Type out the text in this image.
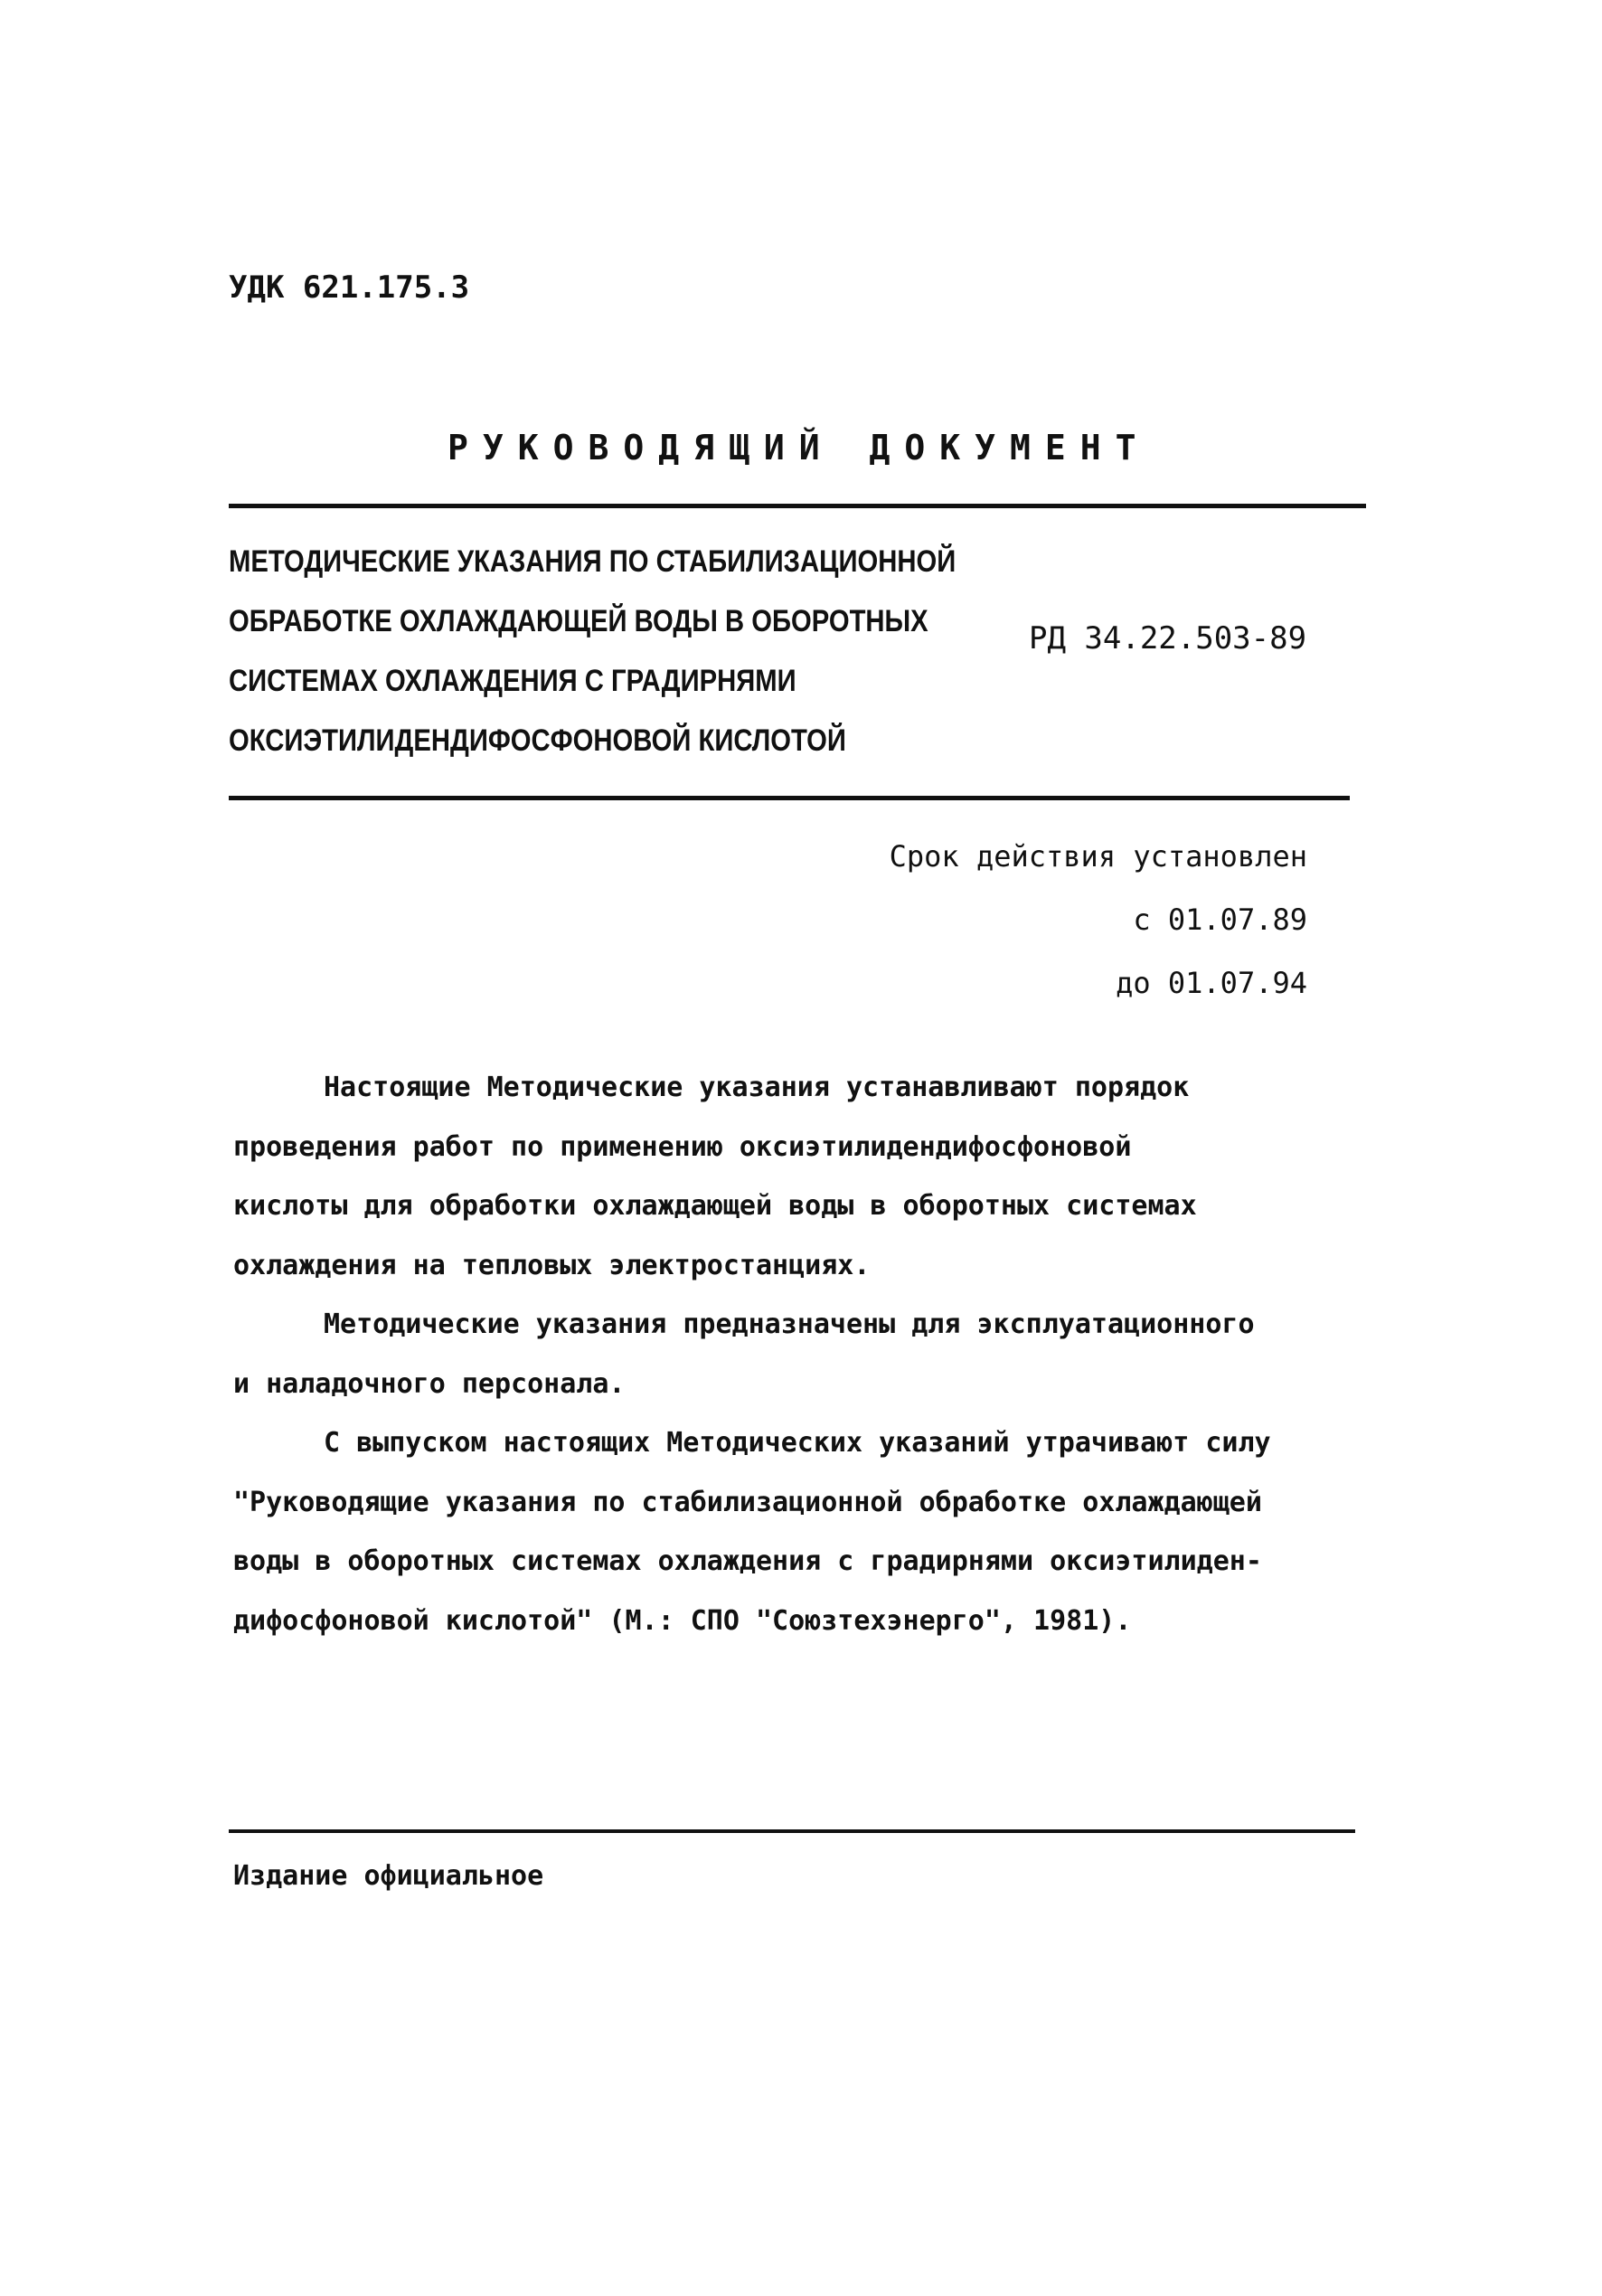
УДК 621.175.3
РУКОВОДЯЩИЙ ДОКУМЕНТ
МЕТОДИЧЕСКИЕ УКАЗАНИЯ ПО СТАБИЛИЗАЦИОННОЙ
ОБРАБОТКЕ ОХЛАЖДАЮЩЕЙ ВОДЫ В ОБОРОТНЫХ
СИСТЕМАХ ОХЛАЖДЕНИЯ С ГРАДИРНЯМИ
ОКСИЭТИЛИДЕНДИФОСФОНОВОЙ КИСЛОТОЙ
РД 34.22.503-89
Срок действия установлен
с 01.07.89
до 01.07.94
Настоящие Методические указания устанавливают порядок
проведения работ по применению оксиэтилидендифосфоновой
кислоты для обработки охлаждающей воды в оборотных системах
охлаждения на тепловых электростанциях.
Методические указания предназначены для эксплуатационного
и наладочного персонала.
С выпуском настоящих Методических указаний утрачивают силу
"Руководящие указания по стабилизационной обработке охлаждающей
воды в оборотных системах охлаждения с градирнями оксиэтилиден-
дифосфоновой кислотой" (М.: СПО "Союзтехэнерго", 1981).
Издание официальное
